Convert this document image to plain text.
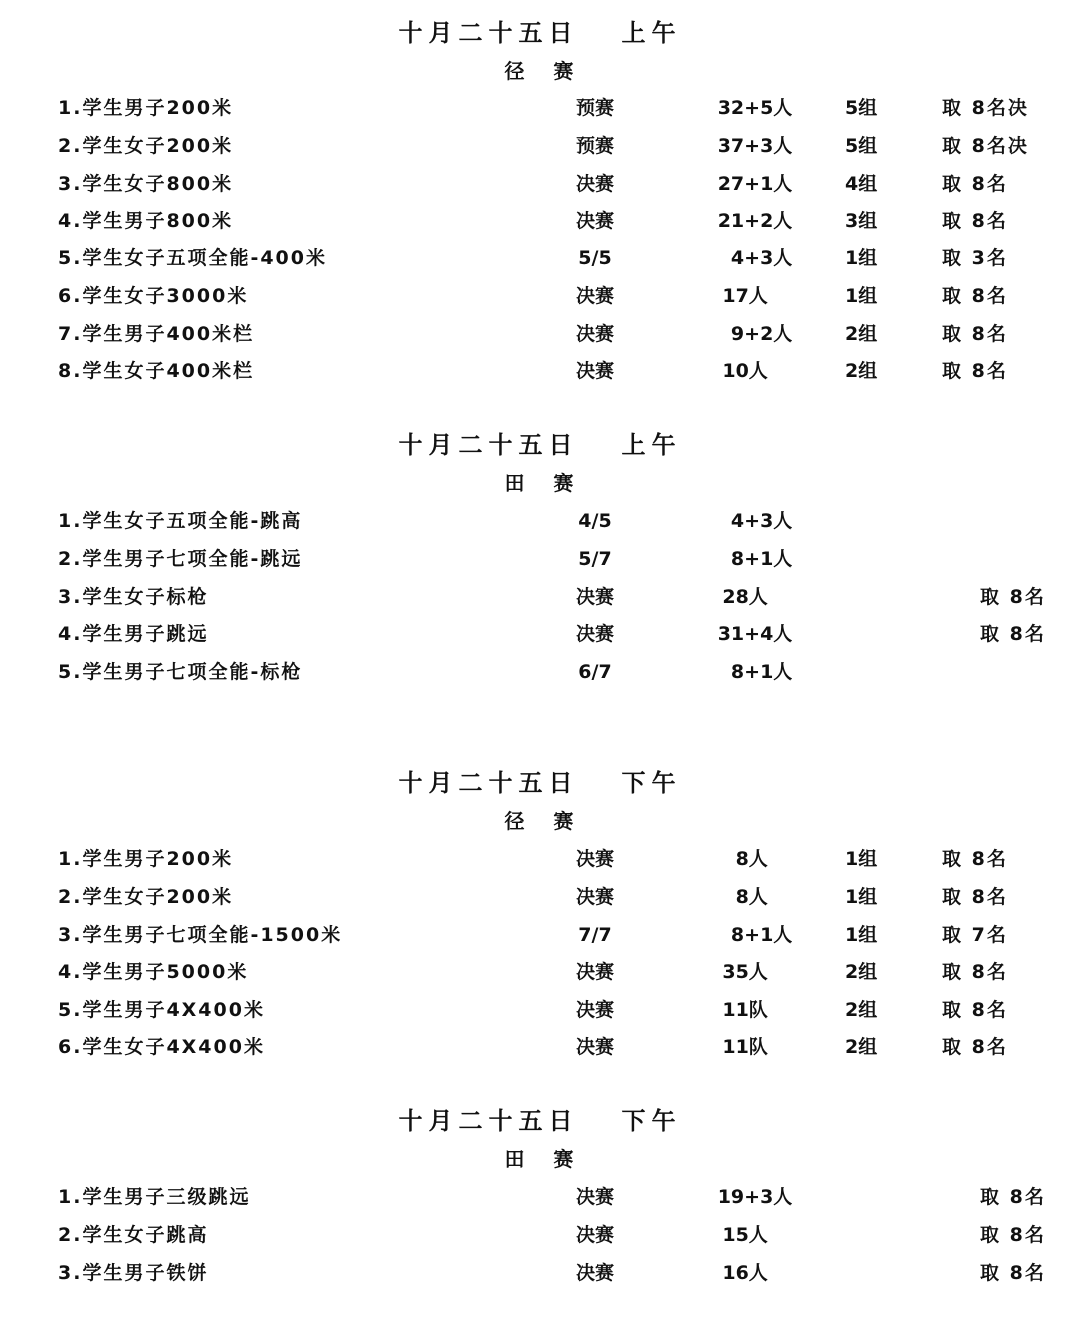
十月二十五日   上午
径   赛
1.学生男子200米	预赛	32+5人	5组	取 8名决
2.学生女子200米	预赛	37+3人	5组	取 8名决
3.学生女子800米	决赛	27+1人	4组	取 8名
4.学生男子800米	决赛	21+2人	3组	取 8名
5.学生女子五项全能-400米	5/5	4+3人	1组	取 3名
6.学生女子3000米	决赛	17人	1组	取 8名
7.学生男子400米栏	决赛	9+2人	2组	取 8名
8.学生女子400米栏	决赛	10人	2组	取 8名
十月二十五日   上午
田   赛
1.学生女子五项全能-跳高	4/5	4+3人
2.学生男子七项全能-跳远	5/7	8+1人
3.学生女子标枪	决赛	28人	取 8名
4.学生男子跳远	决赛	31+4人	取 8名
5.学生男子七项全能-标枪	6/7	8+1人
十月二十五日   下午
径   赛
1.学生男子200米	决赛	8人	1组	取 8名
2.学生女子200米	决赛	8人	1组	取 8名
3.学生男子七项全能-1500米	7/7	8+1人	1组	取 7名
4.学生男子5000米	决赛	35人	2组	取 8名
5.学生男子4X400米	决赛	11队	2组	取 8名
6.学生女子4X400米	决赛	11队	2组	取 8名
十月二十五日   下午
田   赛
1.学生男子三级跳远	决赛	19+3人	取 8名
2.学生女子跳高	决赛	15人	取 8名
3.学生男子铁饼	决赛	16人	取 8名
